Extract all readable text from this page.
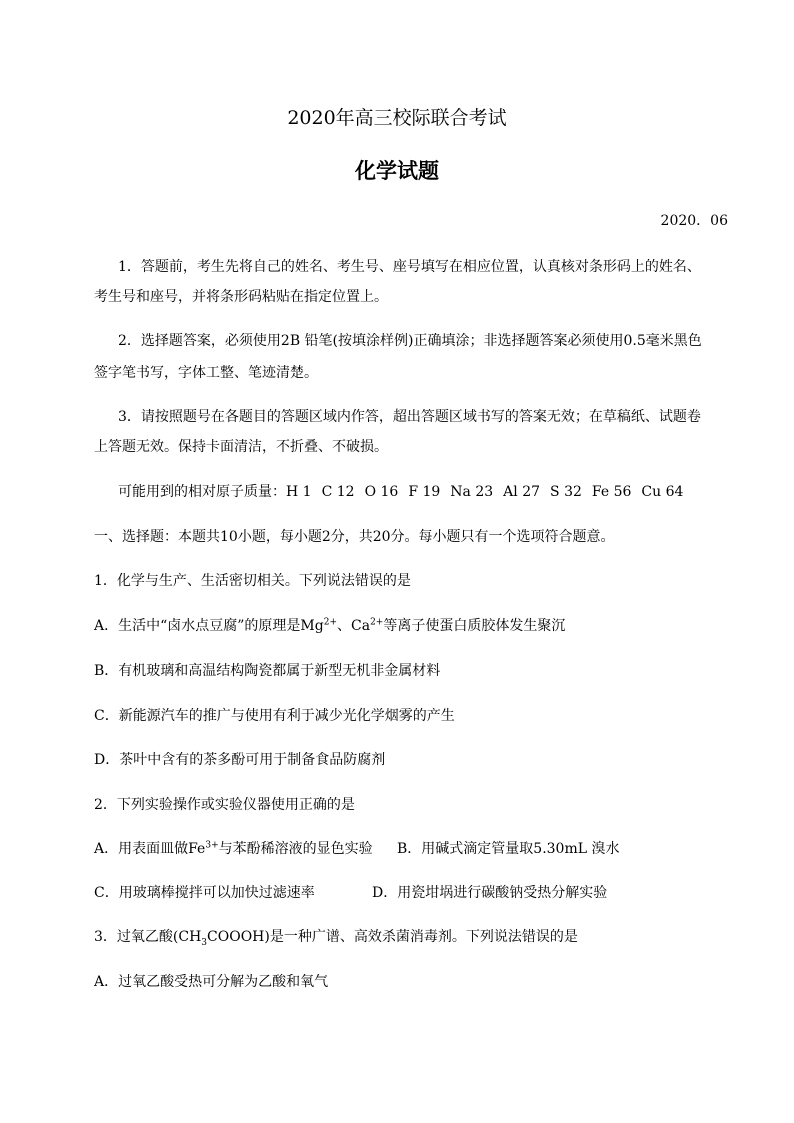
2020年高三校际联合考试
化学试题
2020．06
1．答题前，考生先将自己的姓名、考生号、座号填写在相应位置，认真核对条形码上的姓名、
考生号和座号，并将条形码粘贴在指定位置上。
2．选择题答案，必须使用2B 铅笔(按填涂样例)正确填涂；非选择题答案必须使用0.5毫米黑色
签字笔书写，字体工整、笔迹清楚。
3．请按照题号在各题目的答题区域内作答，超出答题区域书写的答案无效；在草稿纸、试题卷
上答题无效。保持卡面清洁，不折叠、不破损。
可能用到的相对原子质量：H 1 C 12 O 16 F 19 Na 23 Al 27 S 32 Fe 56 Cu 64
一、选择题：本题共10小题，每小题2分，共20分。每小题只有一个选项符合题意。
1．化学与生产、生活密切相关。下列说法错误的是
A．生活中“卤水点豆腐”的原理是$Mg^{2+}$、$Ca^{2+}$等离子使蛋白质胶体发生聚沉
B．有机玻璃和高温结构陶瓷都属于新型无机非金属材料
C．新能源汽车的推广与使用有利于减少光化学烟雾的产生
D．茶叶中含有的茶多酚可用于制备食品防腐剂
2．下列实验操作或实验仪器使用正确的是
A．用表面皿做$Fe^{3+}$与苯酚稀溶液的显色实验 B．用碱式滴定管量取5.30mL 溴水
C．用玻璃棒搅拌可以加快过滤速率	D．用瓷坩埚进行碳酸钠受热分解实验
3．过氧乙酸$(CH_3COOOH)$是一种广谱、高效杀菌消毒剂。下列说法错误的是
A．过氧乙酸受热可分解为乙酸和氧气
